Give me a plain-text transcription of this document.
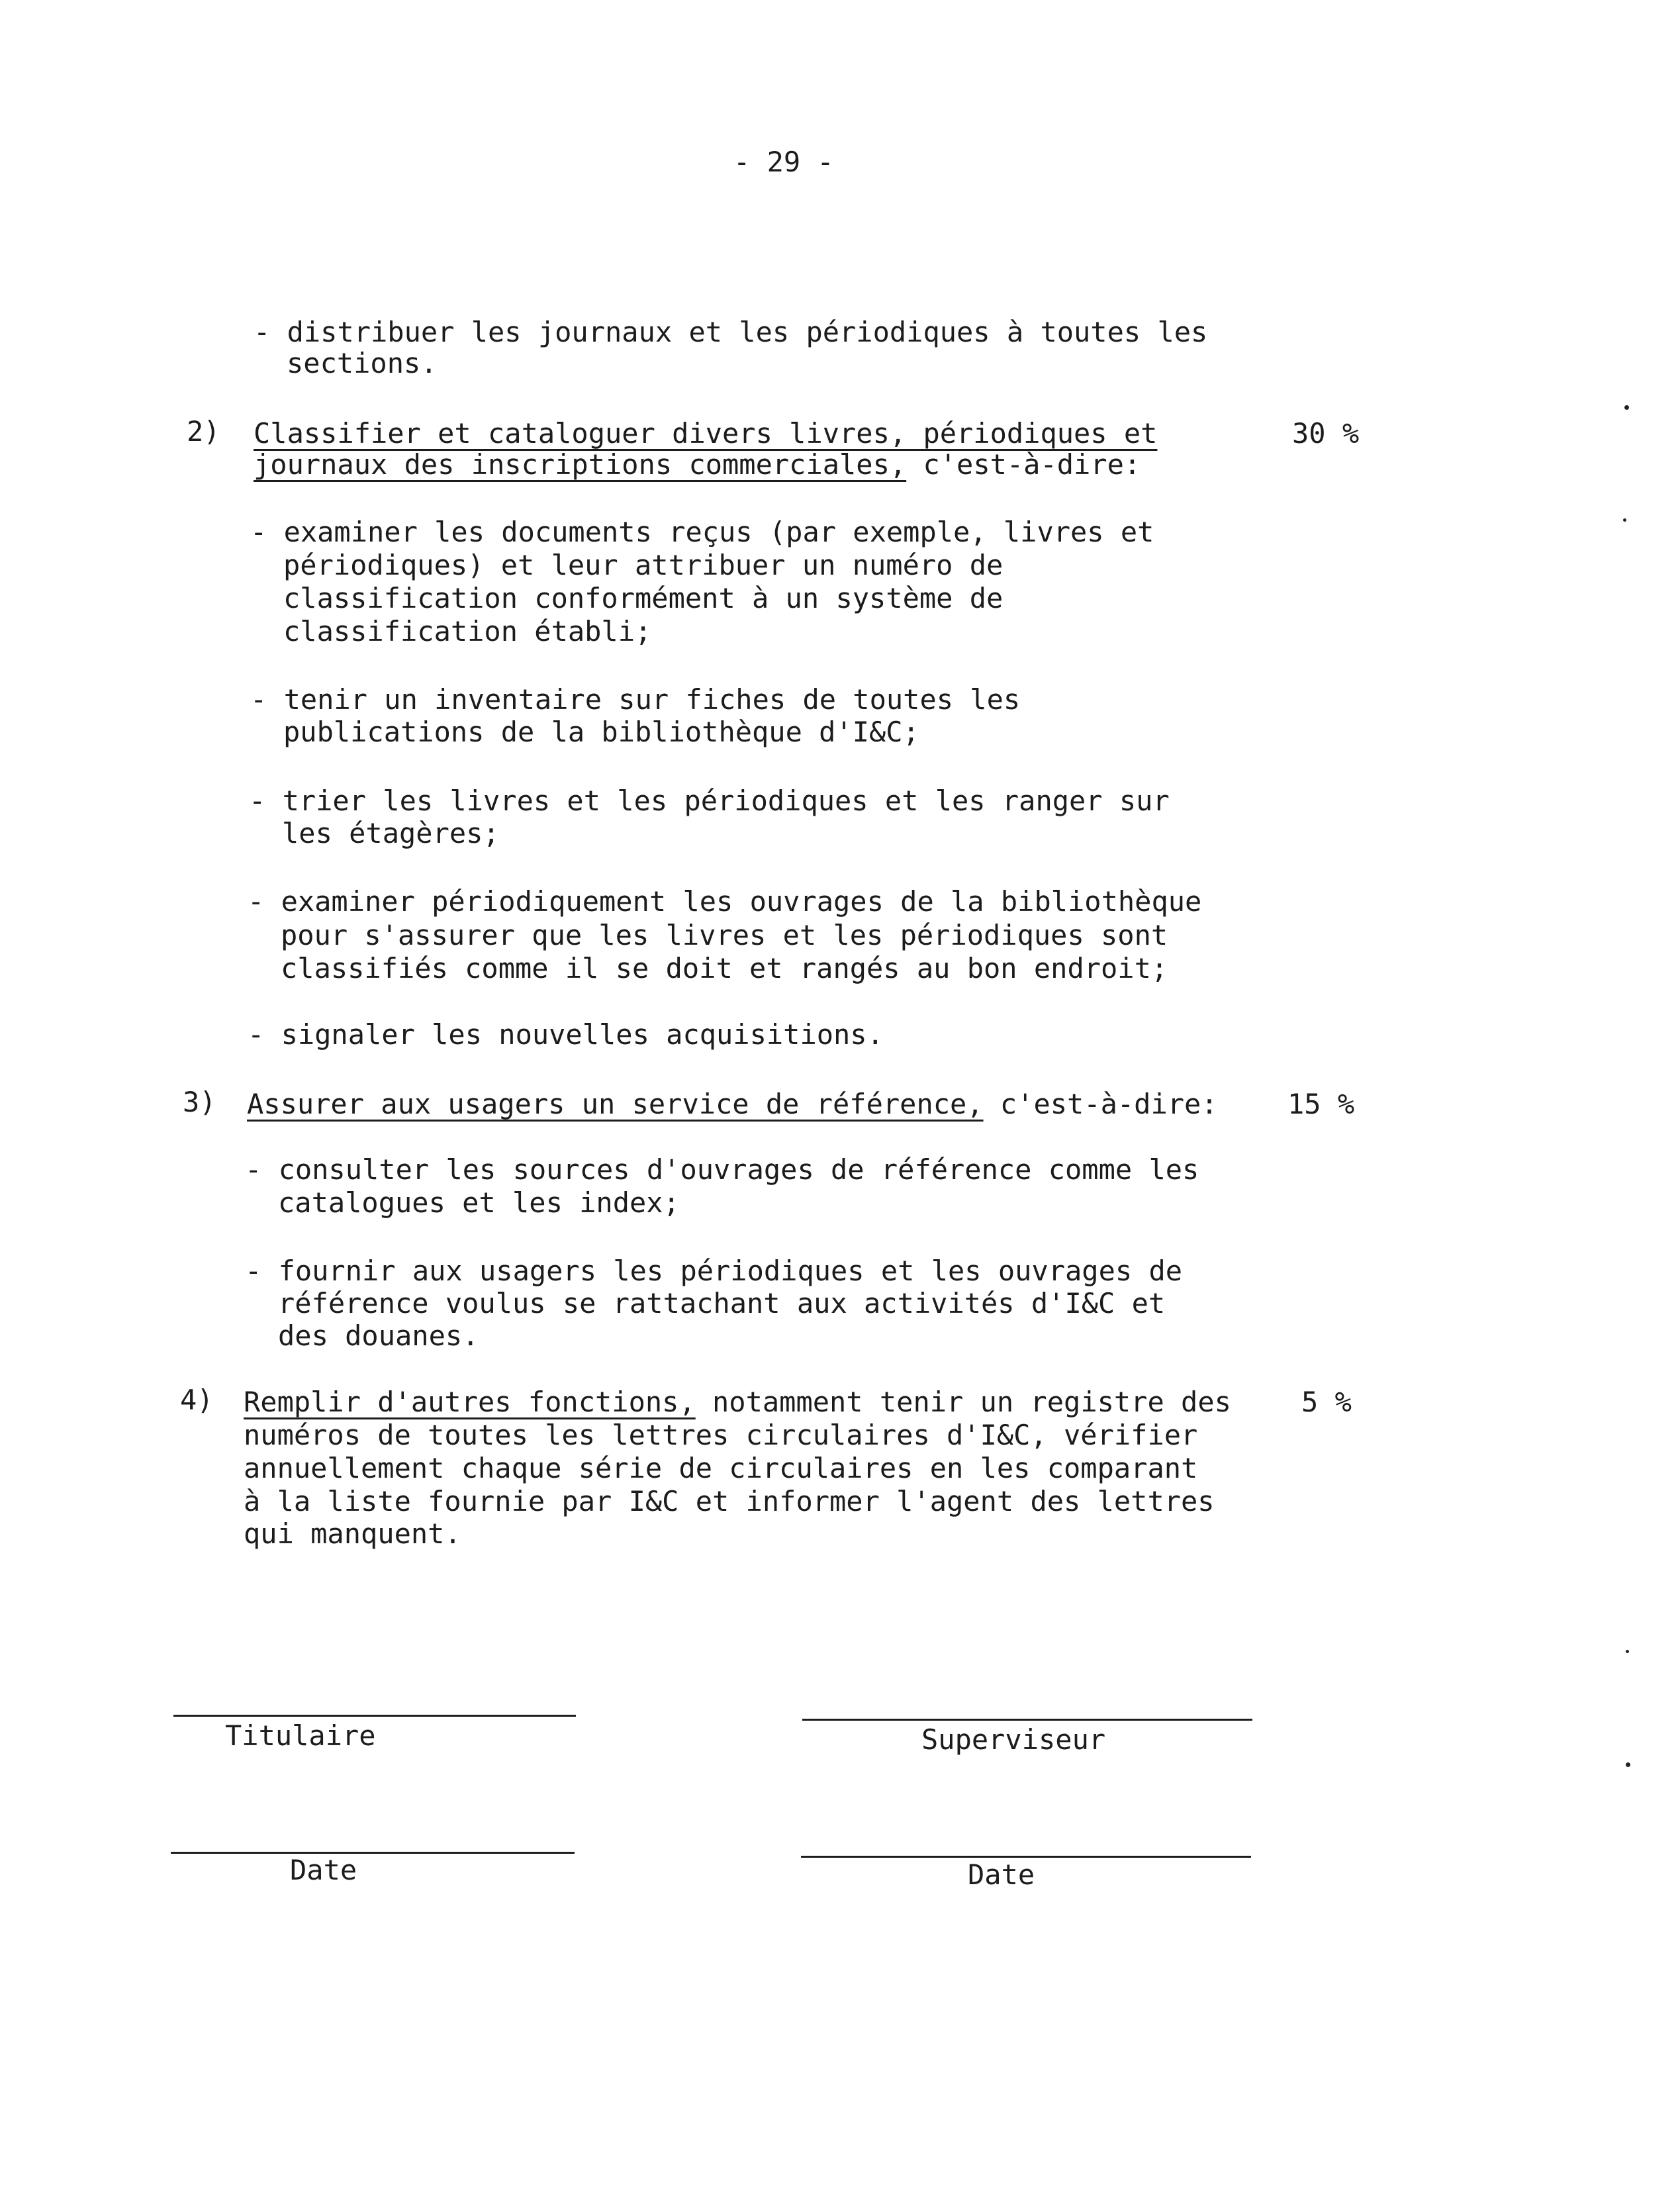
- 29 -
- distribuer les journaux et les périodiques à toutes les
sections.
2) Classifier et cataloguer divers livres, périodiques et
journaux des inscriptions commerciales, c'est-à-dire:
30 %
- examiner les documents reçus (par exemple, livres et
périodiques) et leur attribuer un numéro de
classification conformément à un système de
classification établi;
- tenir un inventaire sur fiches de toutes les
publications de la bibliothèque d'I&C;
- trier les livres et les périodiques et les ranger sur
les étagères;
- examiner périodiquement les ouvrages de la bibliothèque
pour s'assurer que les livres et les périodiques sont
classifiés comme il se doit et rangés au bon endroit;
- signaler les nouvelles acquisitions.
3) Assurer aux usagers un service de référence, c'est-à-dire:	15 %
- consulter les sources d'ouvrages de référence comme les
catalogues et les index;
- fournir aux usagers les périodiques et les ouvrages de
référence voulus se rattachant aux activités d'I&C et
des douanes.
4) Remplir d'autres fonctions, notamment tenir un registre des	5 %
numéros de toutes les lettres circulaires d'I&C, vérifier
annuellement chaque série de circulaires en les comparant
à la liste fournie par I&C et informer l'agent des lettres
qui manquent.
Titulaire	Superviseur
Date	Date
